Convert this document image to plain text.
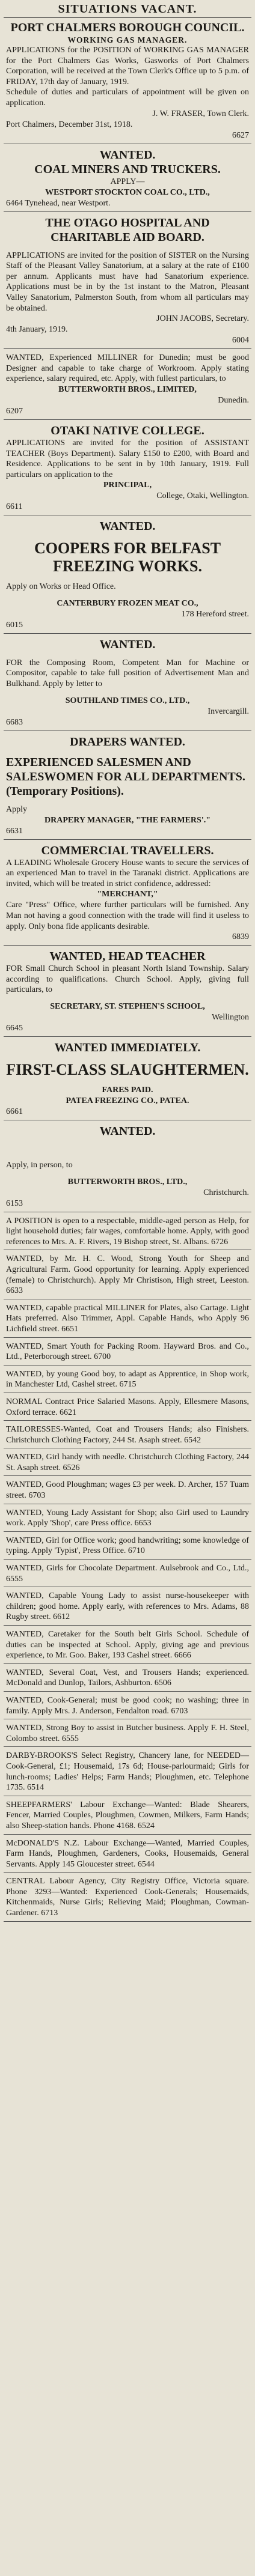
SITUATIONS VACANT.

PORT CHALMERS BOROUGH COUNCIL.

WORKING GAS MANAGER.

APPLICATIONS for the POSITION of WORKING GAS MANAGER for the Port Chalmers Gas Works, Gasworks of Port Chalmers Corporation, will be received at the Town Clerk's Office up to 5 p.m. of FRIDAY, 17th day of January, 1919.

Schedule of duties and particulars of appointment will be given on application.

J. W. FRASER, Town Clerk.

Port Chalmers, December 31st, 1918.

6627

WANTED.

COAL MINERS AND TRUCKERS.

APPLY—

WESTPORT STOCKTON COAL CO., LTD.,

6464 Tynehead, near Westport.

THE OTAGO HOSPITAL AND CHARITABLE AID BOARD.

APPLICATIONS are invited for the position of SISTER on the Nursing Staff of the Pleasant Valley Sanatorium, at a salary at the rate of £100 per annum. Applicants must have had Sanatorium experience. Applications must be in by the 1st instant to the Matron, Pleasant Valley Sanatorium, Palmerston South, from whom all particulars may be obtained.

JOHN JACOBS, Secretary.

4th January, 1919.

6004

WANTED, Experienced MILLINER for Dunedin; must be good Designer and capable to take charge of Workroom. Apply stating experience, salary required, etc. Apply, with fullest particulars, to

BUTTERWORTH BROS., LIMITED,

Dunedin.

6207

OTAKI NATIVE COLLEGE.

APPLICATIONS are invited for the position of ASSISTANT TEACHER (Boys Department). Salary £150 to £200, with Board and Residence. Applications to be sent in by 10th January, 1919. Full particulars on application to the

PRINCIPAL,

College, Otaki, Wellington.

6611

WANTED.

COOPERS FOR BELFAST FREEZING WORKS.

Apply on Works or Head Office.

CANTERBURY FROZEN MEAT CO.,

178 Hereford street.

6015

WANTED.

FOR the Composing Room, Competent Man for Machine or Compositor, capable to take full position of Advertisement Man and Bulkhand. Apply by letter to

SOUTHLAND TIMES CO., LTD.,

Invercargill.

6683

DRAPERS WANTED.

EXPERIENCED SALESMEN AND SALESWOMEN FOR ALL DEPARTMENTS. (Temporary Positions).

Apply

DRAPERY MANAGER, "THE FARMERS'."

6631

COMMERCIAL TRAVELLERS.

A LEADING Wholesale Grocery House wants to secure the services of an experienced Man to travel in the Taranaki district. Applications are invited, which will be treated in strict confidence, addressed:

"MERCHANT,"

Care "Press" Office, where further particulars will be furnished. Any Man not having a good connection with the trade will find it useless to apply. Only bona fide applicants desirable.

6839

WANTED, HEAD TEACHER

FOR Small Church School in pleasant North Island Township. Salary according to qualifications. Church School. Apply, giving full particulars, to

SECRETARY, ST. STEPHEN'S SCHOOL,

Wellington

6645

WANTED IMMEDIATELY.

FIRST-CLASS SLAUGHTERMEN.

FARES PAID.

PATEA FREEZING CO., PATEA.

6661

WANTED.

Apply, in person, to

BUTTERWORTH BROS., LTD.,

Christchurch.

6153

A POSITION is open to a respectable, middle-aged person as Help, for light household duties; fair wages, comfortable home. Apply, with good references to Mrs. A. F. Rivers, 19 Bishop street, St. Albans. 6726

WANTED, by Mr. H. C. Wood, Strong Youth for Sheep and Agricultural Farm. Good opportunity for learning. Apply experienced (female) to Christchurch). Apply Mr Christison, High street, Leeston. 6633

WANTED, capable practical MILLINER for Plates, also Cartage. Light Hats preferred. Also Trimmer, Appl. Capable Hands, who Apply 96 Lichfield street. 6651

WANTED, Smart Youth for Packing Room. Hayward Bros. and Co., Ltd., Peterborough street. 6700

WANTED, by young Good boy, to adapt as Apprentice, in Shop work, in Manchester Ltd, Cashel street. 6715

NORMAL Contract Price Salaried Masons. Apply, Ellesmere Masons, Oxford terrace. 6621

TAILORESSES-Wanted, Coat and Trousers Hands; also Finishers. Christchurch Clothing Factory, 244 St. Asaph street. 6542

WANTED, Girl handy with needle. Christchurch Clothing Factory, 244 St. Asaph street. 6526

WANTED, Good Ploughman; wages £3 per week. D. Archer, 157 Tuam street. 6703

WANTED, Young Lady Assistant for Shop; also Girl used to Laundry work. Apply 'Shop', care Press office. 6653

WANTED, Girl for Office work; good handwriting; some knowledge of typing. Apply 'Typist', Press Office. 6710

WANTED, Girls for Chocolate Department. Aulsebrook and Co., Ltd., 6555

WANTED, Capable Young Lady to assist nurse-housekeeper with children; good home. Apply early, with references to Mrs. Adams, 88 Rugby street. 6612

WANTED, Caretaker for the South belt Girls School. Schedule of duties can be inspected at School. Apply, giving age and previous experience, to Mr. Goo. Baker, 193 Cashel street. 6666

WANTED, Several Coat, Vest, and Trousers Hands; experienced. McDonald and Dunlop, Tailors, Ashburton. 6506

WANTED, Cook-General; must be good cook; no washing; three in family. Apply Mrs. J. Anderson, Fendalton road. 6703

WANTED, Strong Boy to assist in Butcher business. Apply F. H. Steel, Colombo street. 6555

DARBY-BROOKS'S Select Registry, Chancery lane, for NEEDED—Cook-General, £1; Housemaid, 17s 6d; House-parlourmaid; Girls for lunch-rooms; Ladies' Helps; Farm Hands; Ploughmen, etc. Telephone 1735. 6514

SHEEPFARMERS' Labour Exchange—Wanted: Blade Shearers, Fencer, Married Couples, Ploughmen, Cowmen, Milkers, Farm Hands; also Sheep-station hands. Phone 4168. 6524

McDONALD'S N.Z. Labour Exchange—Wanted, Married Couples, Farm Hands, Ploughmen, Gardeners, Cooks, Housemaids, General Servants. Apply 145 Gloucester street. 6544

CENTRAL Labour Agency, City Registry Office, Victoria square. Phone 3293—Wanted: Experienced Cook-Generals; Housemaids, Kitchenmaids, Nurse Girls; Relieving Maid; Ploughman, Cowman-Gardener. 6713
